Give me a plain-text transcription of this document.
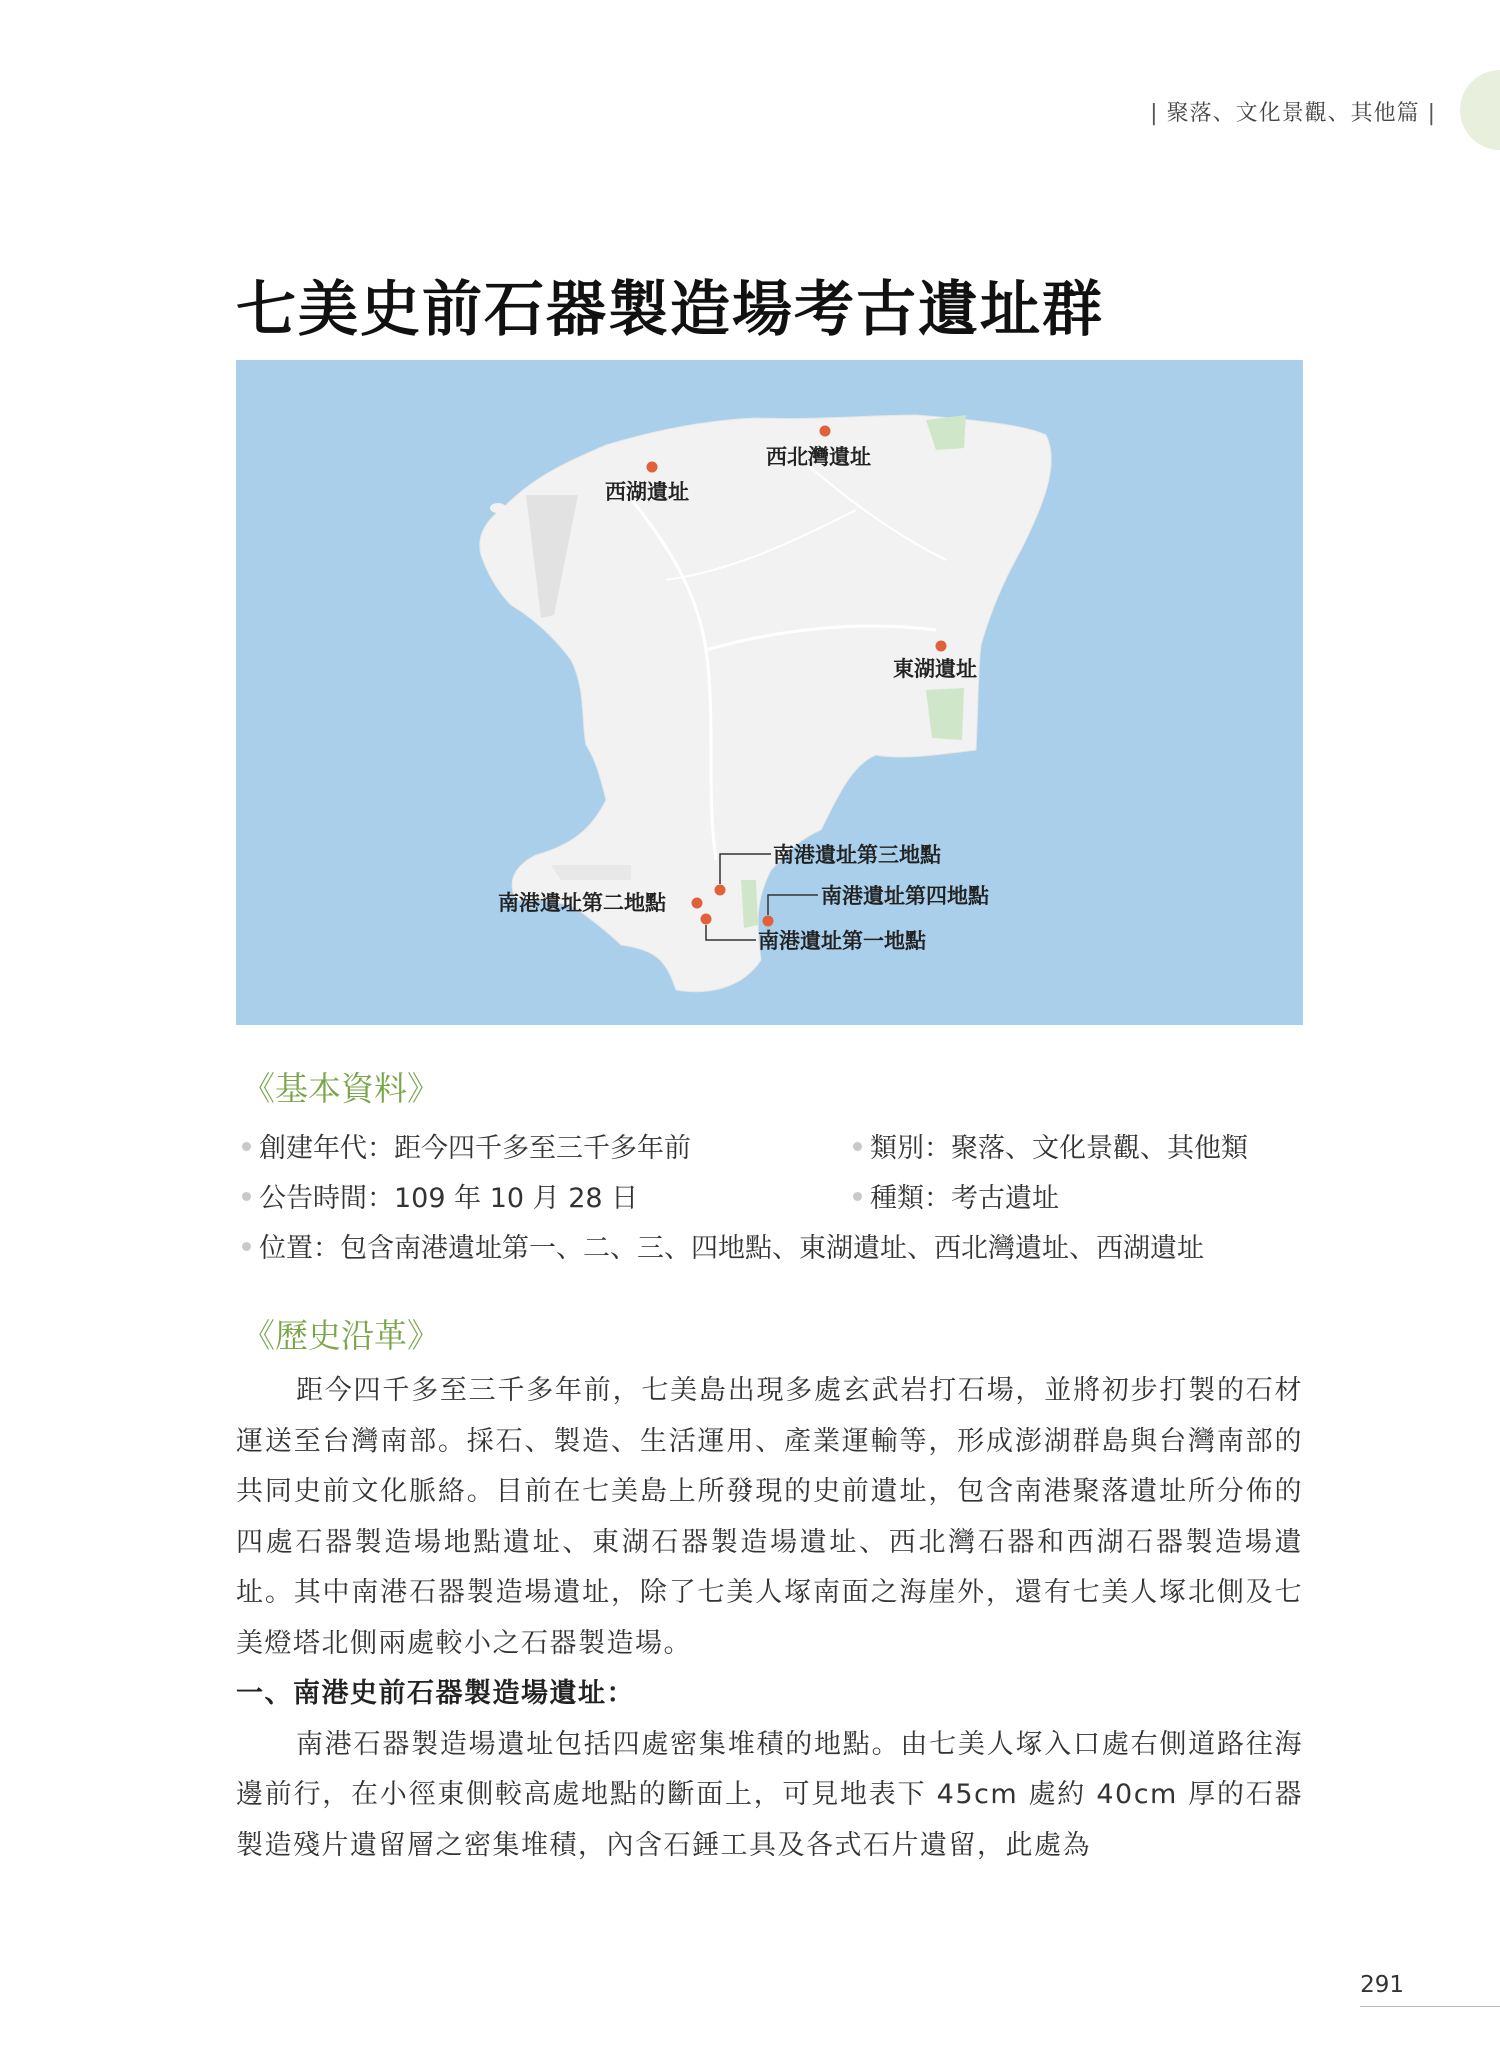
| 聚落、文化景觀、其他篇 |
七美史前石器製造場考古遺址群
西北灣遺址
西湖遺址
東湖遺址
南港遺址第三地點
南港遺址第四地點
南港遺址第二地點
南港遺址第一地點
《基本資料》
創建年代：距今四千多至三千多年前	類別：聚落、文化景觀、其他類
公告時間：109 年 10 月 28 日	種類：考古遺址
位置：包含南港遺址第一、二、三、四地點、東湖遺址、西北灣遺址、西湖遺址
《歷史沿革》

距今四千多至三千多年前，七美島出現多處玄武岩打石場，並將初步打製的石材運送至台灣南部。採石、製造、生活運用、產業運輸等，形成澎湖群島與台灣南部的共同史前文化脈絡。目前在七美島上所發現的史前遺址，包含南港聚落遺址所分佈的四處石器製造場地點遺址、東湖石器製造場遺址、西北灣石器和西湖石器製造場遺址。其中南港石器製造場遺址，除了七美人塚南面之海崖外，還有七美人塚北側及七美燈塔北側兩處較小之石器製造場。

一、南港史前石器製造場遺址：

南港石器製造場遺址包括四處密集堆積的地點。由七美人塚入口處右側道路往海邊前行，在小徑東側較高處地點的斷面上，可見地表下 45cm 處約 40cm 厚的石器製造殘片遺留層之密集堆積，內含石錘工具及各式石片遺留，此處為

291
